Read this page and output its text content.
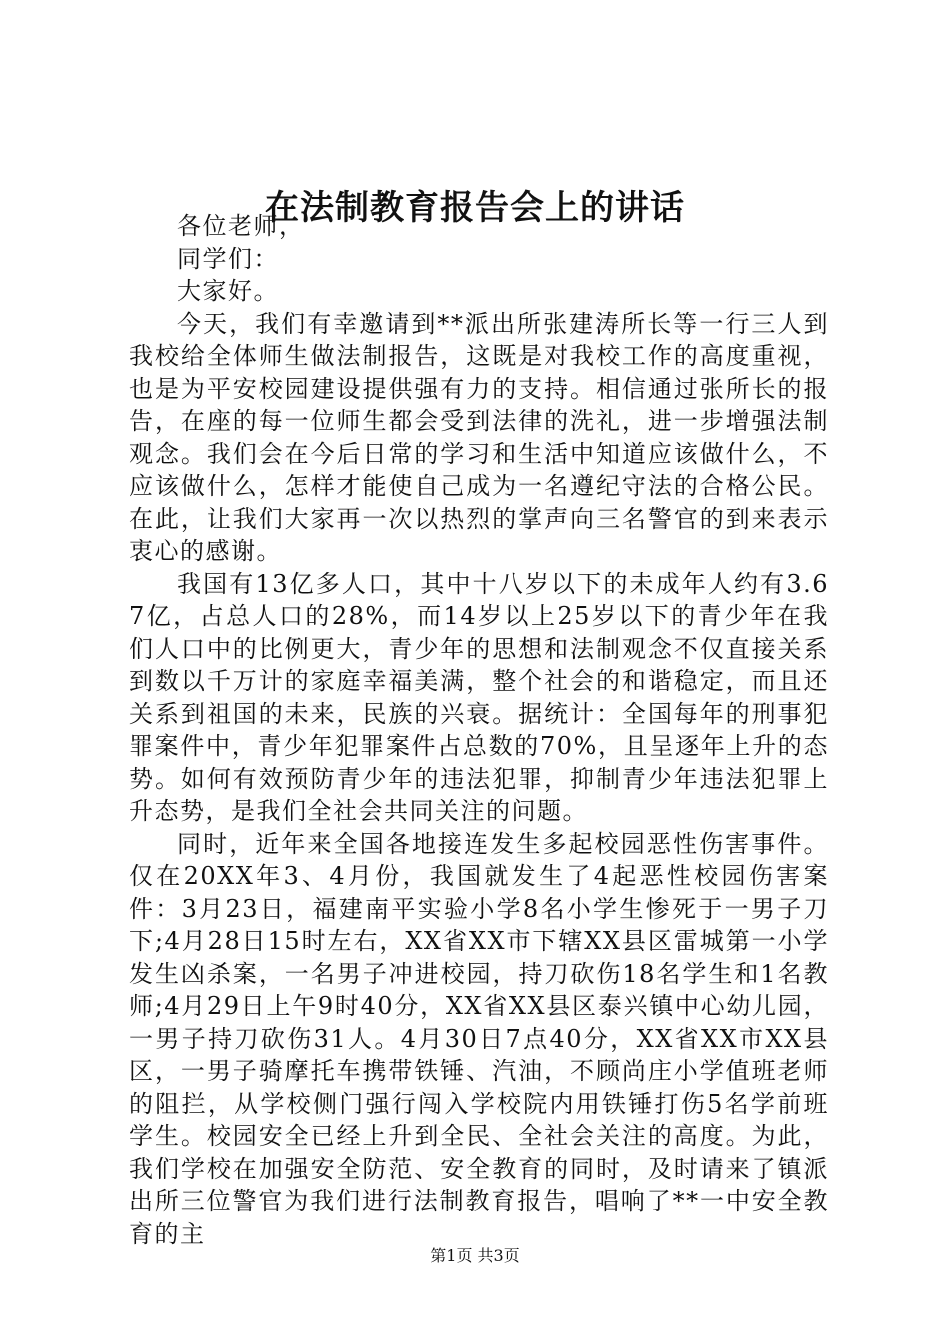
在法制教育报告会上的讲话

各位老师，

同学们：

大家好。

今天，我们有幸邀请到**派出所张建涛所长等一行三人到我校给全体师生做法制报告，这既是对我校工作的高度重视，也是为平安校园建设提供强有力的支持。相信通过张所长的报告，在座的每一位师生都会受到法律的洗礼，进一步增强法制观念。我们会在今后日常的学习和生活中知道应该做什么，不应该做什么，怎样才能使自己成为一名遵纪守法的合格公民。在此，让我们大家再一次以热烈的掌声向三名警官的到来表示衷心的感谢。

我国有13亿多人口，其中十八岁以下的未成年人约有3.67亿，占总人口的28%，而14岁以上25岁以下的青少年在我们人口中的比例更大，青少年的思想和法制观念不仅直接关系到数以千万计的家庭幸福美满，整个社会的和谐稳定，而且还关系到祖国的未来，民族的兴衰。据统计：全国每年的刑事犯罪案件中，青少年犯罪案件占总数的70%，且呈逐年上升的态势。如何有效预防青少年的违法犯罪，抑制青少年违法犯罪上升态势，是我们全社会共同关注的问题。

同时，近年来全国各地接连发生多起校园恶性伤害事件。仅在20XX年3、4月份，我国就发生了4起恶性校园伤害案件：3月23日，福建南平实验小学8名小学生惨死于一男子刀下;4月28日15时左右，XX省XX市下辖XX县区雷城第一小学发生凶杀案，一名男子冲进校园，持刀砍伤18名学生和1名教师;4月29日上午9时40分，XX省XX县区泰兴镇中心幼儿园，一男子持刀砍伤31人。4月30日7点40分，XX省XX市XX县区，一男子骑摩托车携带铁锤、汽油，不顾尚庄小学值班老师的阻拦，从学校侧门强行闯入学校院内用铁锤打伤5名学前班学生。校园安全已经上升到全民、全社会关注的高度。为此，我们学校在加强安全防范、安全教育的同时，及时请来了镇派出所三位警官为我们进行法制教育报告，唱响了**一中安全教育的主

第1页 共3页
